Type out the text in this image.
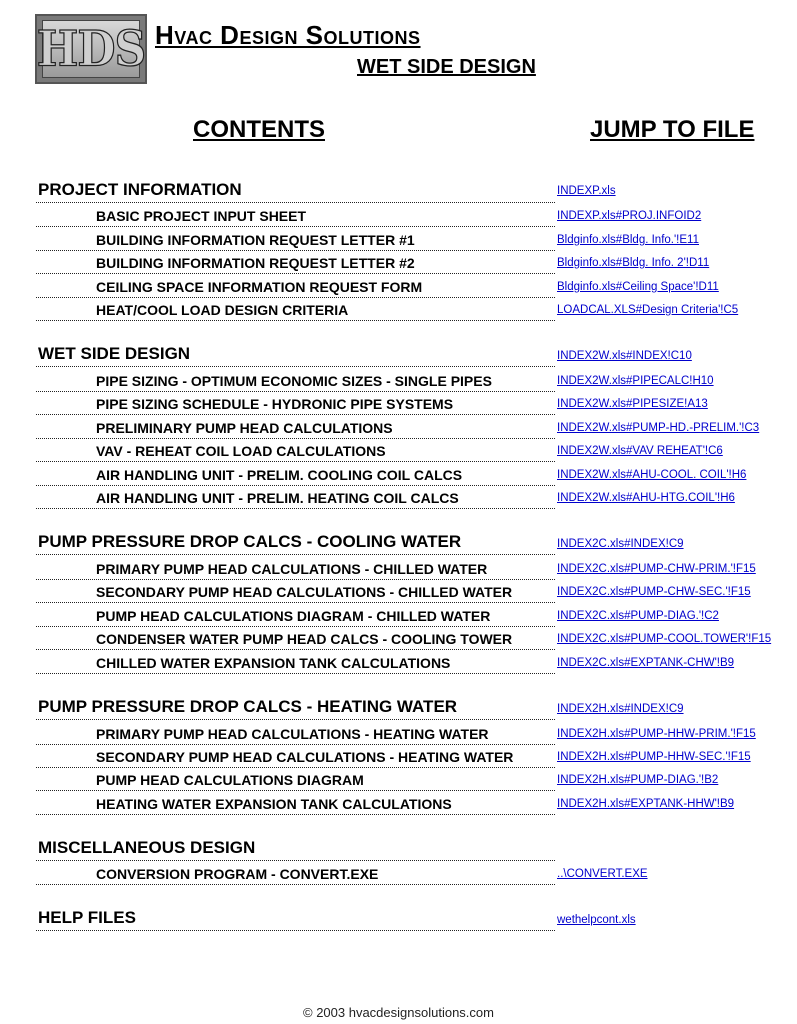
HDS Hvac Design Solutions
WET SIDE DESIGN
CONTENTS	JUMP TO FILE
PROJECT INFORMATION	INDEXP.xls
BASIC PROJECT INPUT SHEET	INDEXP.xls#PROJ.INFOID2
BUILDING INFORMATION REQUEST LETTER #1	Bldginfo.xls#Bldg. Info.'!E11
BUILDING INFORMATION REQUEST LETTER #2	Bldginfo.xls#Bldg. Info. 2'!D11
CEILING SPACE INFORMATION REQUEST FORM	Bldginfo.xls#Ceiling Space'!D11
HEAT/COOL LOAD DESIGN CRITERIA	LOADCAL.XLS#Design Criteria'!C5
WET SIDE DESIGN	INDEX2W.xls#INDEX!C10
PIPE SIZING - OPTIMUM ECONOMIC SIZES - SINGLE PIPES	INDEX2W.xls#PIPECALC!H10
PIPE SIZING SCHEDULE - HYDRONIC PIPE SYSTEMS	INDEX2W.xls#PIPESIZE!A13
PRELIMINARY PUMP HEAD CALCULATIONS	INDEX2W.xls#PUMP-HD.-PRELIM.'!C3
VAV - REHEAT COIL LOAD CALCULATIONS	INDEX2W.xls#VAV REHEAT'!C6
AIR HANDLING UNIT - PRELIM. COOLING COIL CALCS	INDEX2W.xls#AHU-COOL. COIL'!H6
AIR HANDLING UNIT - PRELIM. HEATING COIL CALCS	INDEX2W.xls#AHU-HTG.COIL'!H6
PUMP PRESSURE DROP CALCS - COOLING WATER	INDEX2C.xls#INDEX!C9
PRIMARY PUMP HEAD CALCULATIONS - CHILLED WATER	INDEX2C.xls#PUMP-CHW-PRIM.'!F15
SECONDARY PUMP HEAD CALCULATIONS - CHILLED WATER	INDEX2C.xls#PUMP-CHW-SEC.'!F15
PUMP HEAD CALCULATIONS DIAGRAM - CHILLED WATER	INDEX2C.xls#PUMP-DIAG.'!C2
CONDENSER WATER PUMP HEAD CALCS - COOLING TOWER	INDEX2C.xls#PUMP-COOL.TOWER'!F15
CHILLED WATER EXPANSION TANK CALCULATIONS	INDEX2C.xls#EXPTANK-CHW'!B9
PUMP PRESSURE DROP CALCS - HEATING WATER	INDEX2H.xls#INDEX!C9
PRIMARY PUMP HEAD CALCULATIONS - HEATING WATER	INDEX2H.xls#PUMP-HHW-PRIM.'!F15
SECONDARY PUMP HEAD CALCULATIONS - HEATING WATER	INDEX2H.xls#PUMP-HHW-SEC.'!F15
PUMP HEAD CALCULATIONS DIAGRAM	INDEX2H.xls#PUMP-DIAG.'!B2
HEATING WATER EXPANSION TANK CALCULATIONS	INDEX2H.xls#EXPTANK-HHW'!B9
MISCELLANEOUS DESIGN
CONVERSION PROGRAM - CONVERT.EXE	..\CONVERT.EXE
HELP FILES	wethelpcont.xls
© 2003 hvacdesignsolutions.com
